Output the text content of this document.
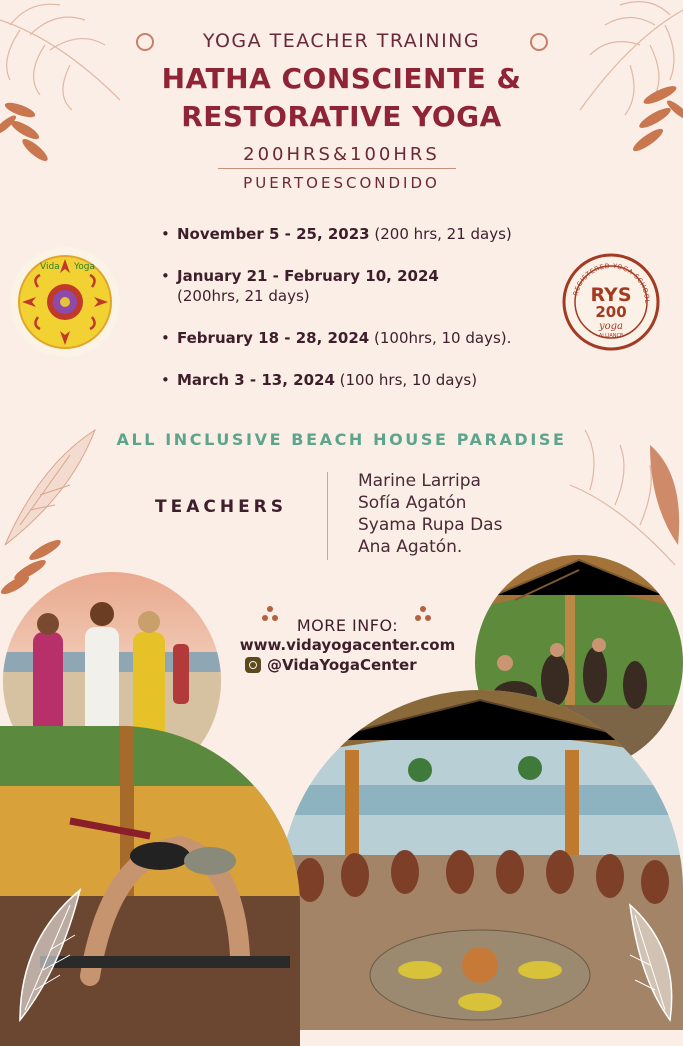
YOGA TEACHER TRAINING
HATHA CONSCIENTE &
RESTORATIVE YOGA
200HRS&100HRS
PUERTOESCONDIDO
• November 5 - 25, 2023 (200 hrs, 21 days)
• January 21 - February 10, 2024
(200hrs, 21 days)
• February 18 - 28, 2024 (100hrs, 10 days).
• March 3 - 13, 2024 (100 hrs, 10 days)
Vida Yoga
REGISTERED YOGA SCHOOL
RYS
200
yoga
ALLIANCE
ALL INCLUSIVE BEACH HOUSE PARADISE
TEACHERS
Marine Larripa
Sofía Agatón
Syama Rupa Das
Ana Agatón.
MORE INFO:
www.vidayogacenter.com
@VidaYogaCenter
